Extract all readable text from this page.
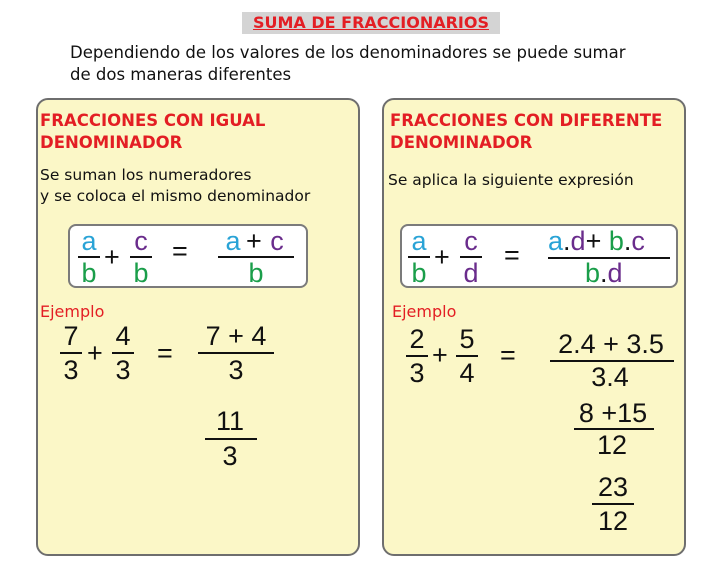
SUMA DE FRACCIONARIOS
Dependiendo de los valores de los denominadores se puede sumar
de dos maneras diferentes
FRACCIONES CON IGUAL
DENOMINADOR
Se suman los numeradores
y se coloca el mismo denominador
a
b
+
c
b
= a + c
b
Ejemplo
7
3
+
4
3
=
7 + 4
3
11
3
FRACCIONES CON DIFERENTE
DENOMINADOR
Se aplica la siguiente expresión
a
b
+
c
d
= a.d+ b.c
b.d
Ejemplo
2
3
+
5
4
=	2.4 + 3.5
3.4
8 +15
12
23
12
